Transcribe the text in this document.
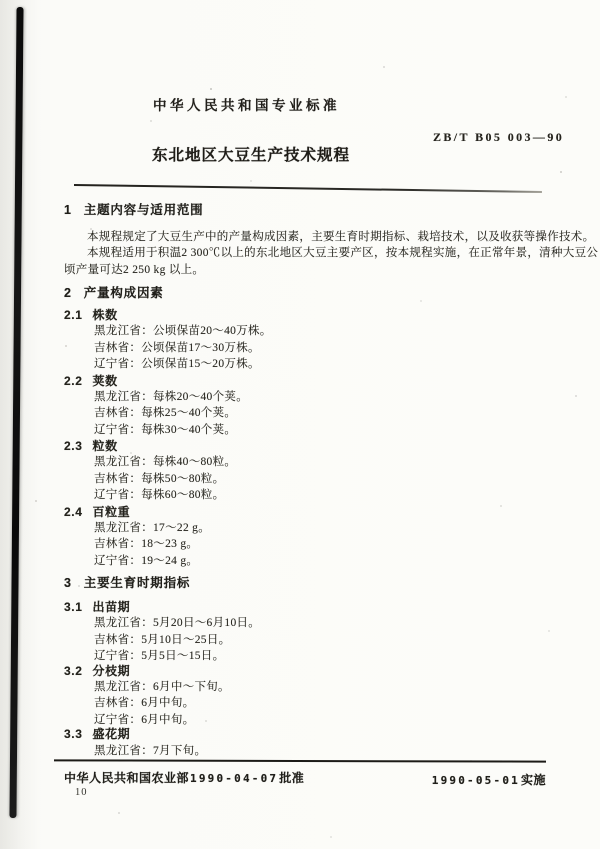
中华人民共和国专业标准
ZB/T B05 003—90
东北地区大豆生产技术规程
1 主题内容与适用范围
本规程规定了大豆生产中的产量构成因素，主要生育时期指标、栽培技术，以及收获等操作技术。
本规程适用于积温2 300℃以上的东北地区大豆主要产区，按本规程实施，在正常年景，清种大豆公
顷产量可达2 250 kg 以上。
2 产量构成因素
2.1 株数
黑龙江省：公顷保苗20～40万株。
吉林省：公顷保苗17～30万株。
辽宁省：公顷保苗15～20万株。
2.2 荚数
黑龙江省：每株20～40个荚。
吉林省：每株25～40个荚。
辽宁省：每株30～40个荚。
2.3 粒数
黑龙江省：每株40～80粒。
吉林省：每株50～80粒。
辽宁省：每株60～80粒。
2.4 百粒重
黑龙江省：17～22 g。
吉林省：18～23 g。
辽宁省：19～24 g。
3 主要生育时期指标
3.1 出苗期
黑龙江省：5月20日～6月10日。
吉林省：5月10日～25日。
辽宁省：5月5日～15日。
3.2 分枝期
黑龙江省：6月中～下旬。
吉林省：6月中旬。
辽宁省：6月中旬。
3.3 盛花期
黑龙江省：7月下旬。
中华人民共和国农业部1990-04-07批准	1990-05-01实施
10
